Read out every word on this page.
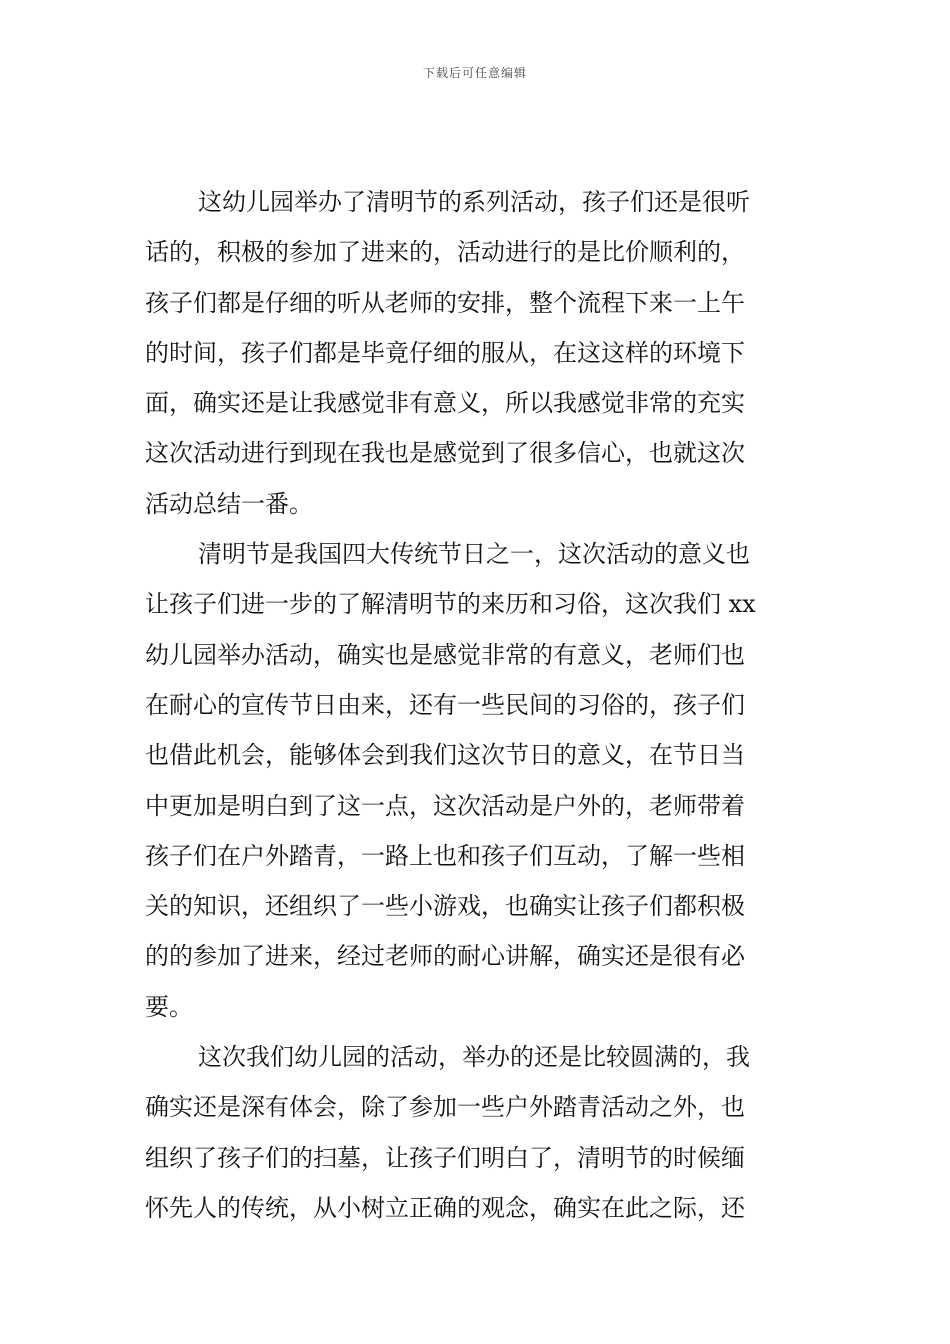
下载后可任意编辑
这幼儿园举办了清明节的系列活动，孩子们还是很听
话的，积极的参加了进来的，活动进行的是比价顺利的，
孩子们都是仔细的听从老师的安排，整个流程下来一上午
的时间，孩子们都是毕竟仔细的服从，在这这样的环境下
面，确实还是让我感觉非有意义，所以我感觉非常的充实
这次活动进行到现在我也是感觉到了很多信心，也就这次
活动总结一番。
清明节是我国四大传统节日之一，这次活动的意义也
让孩子们进一步的了解清明节的来历和习俗，这次我们 xx
幼儿园举办活动，确实也是感觉非常的有意义，老师们也
在耐心的宣传节日由来，还有一些民间的习俗的，孩子们
也借此机会，能够体会到我们这次节日的意义，在节日当
中更加是明白到了这一点，这次活动是户外的，老师带着
孩子们在户外踏青，一路上也和孩子们互动，了解一些相
关的知识，还组织了一些小游戏，也确实让孩子们都积极
的的参加了进来，经过老师的耐心讲解，确实还是很有必
要。
这次我们幼儿园的活动，举办的还是比较圆满的，我
确实还是深有体会，除了参加一些户外踏青活动之外，也
组织了孩子们的扫墓，让孩子们明白了，清明节的时候缅
怀先人的传统，从小树立正确的观念，确实在此之际，还
